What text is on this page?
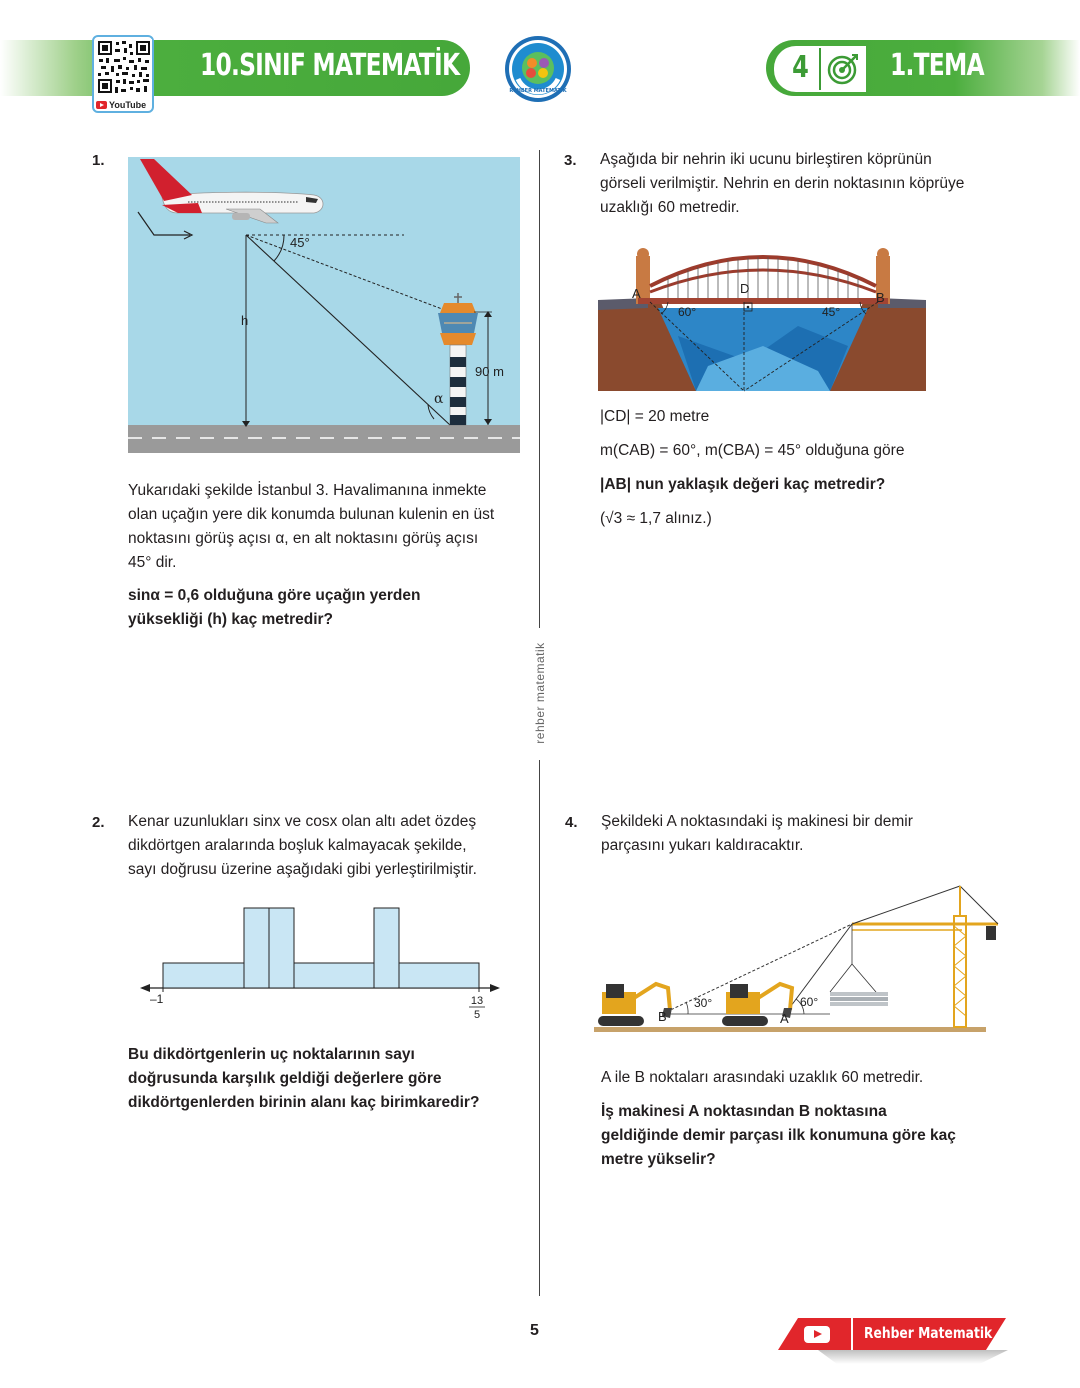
YouTube
10.SINIF MATEMATİK
REHBER MATEMATİK
4	1.TEMA
rehber matematik
1.
45°
h
90 m
α
Yukarıdaki şekilde İstanbul 3. Havalimanına inmekte
olan uçağın yere dik konumda bulunan kulenin en üst
noktasını görüş açısı α, en alt noktasını görüş açısı
45° dir.
sinα = 0,6 olduğuna göre uçağın yerden
yüksekliği (h) kaç metredir?
2. Kenar uzunlukları sinx ve cosx olan altı adet özdeş
dikdörtgen aralarında boşluk kalmayacak şekilde,
sayı doğrusu üzerine aşağıdaki gibi yerleştirilmiştir.
–1	13
5
Bu dikdörtgenlerin uç noktalarının sayı
doğrusunda karşılık geldiği değerlere göre
dikdörtgenlerden birinin alanı kaç birimkaredir?
3. Aşağıda bir nehrin iki ucunu birleştiren köprünün
görseli verilmiştir. Nehrin en derin noktasının köprüye
uzaklığı 60 metredir.
A	B
D
60°	45°
|CD| = 20 metre
m(CAB) = 60°, m(CBA) = 45° olduğuna göre
|AB| nun yaklaşık değeri kaç metredir?
(√3 ≈ 1,7 alınız.)
4. Şekildeki A noktasındaki iş makinesi bir demir
parçasını yukarı kaldıracaktır.
30°	60°
B	A
A ile B noktaları arasındaki uzaklık 60 metredir.
İş makinesi A noktasından B noktasına
geldiğinde demir parçası ilk konumuna göre kaç
metre yükselir?
5	Rehber Matematik
